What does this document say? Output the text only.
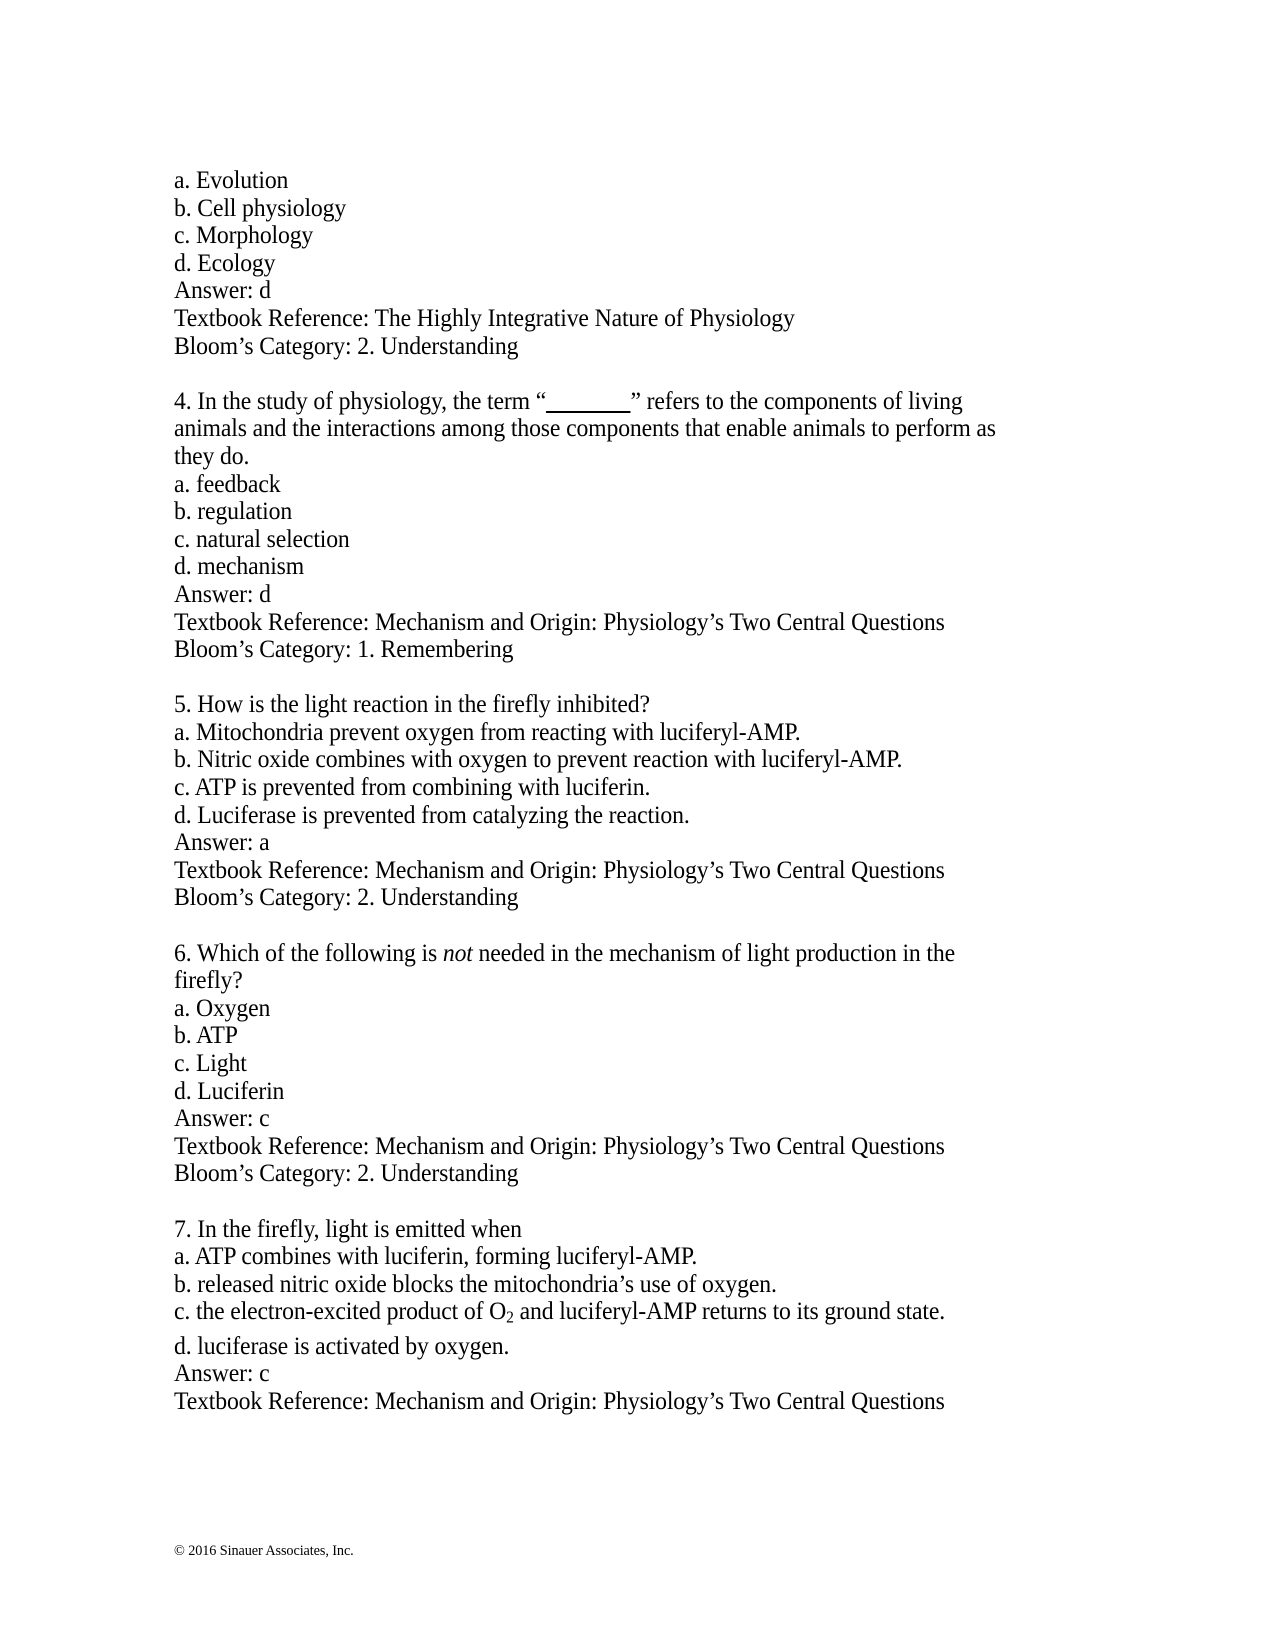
a. Evolution
b. Cell physiology
c. Morphology
d. Ecology
Answer: d
Textbook Reference: The Highly Integrative Nature of Physiology
Bloom’s Category: 2. Understanding
4. In the study of physiology, the term “_______” refers to the components of living animals and the interactions among those components that enable animals to perform as they do.
a. feedback
b. regulation
c. natural selection
d. mechanism
Answer: d
Textbook Reference: Mechanism and Origin: Physiology’s Two Central Questions
Bloom’s Category: 1. Remembering
5. How is the light reaction in the firefly inhibited?
a. Mitochondria prevent oxygen from reacting with luciferyl-AMP.
b. Nitric oxide combines with oxygen to prevent reaction with luciferyl-AMP.
c. ATP is prevented from combining with luciferin.
d. Luciferase is prevented from catalyzing the reaction.
Answer: a
Textbook Reference: Mechanism and Origin: Physiology’s Two Central Questions
Bloom’s Category: 2. Understanding
6. Which of the following is not needed in the mechanism of light production in the firefly?
a. Oxygen
b. ATP
c. Light
d. Luciferin
Answer: c
Textbook Reference: Mechanism and Origin: Physiology’s Two Central Questions
Bloom’s Category: 2. Understanding
7. In the firefly, light is emitted when
a. ATP combines with luciferin, forming luciferyl-AMP.
b. released nitric oxide blocks the mitochondria’s use of oxygen.
c. the electron-excited product of $O_2$ and luciferyl-AMP returns to its ground state.
d. luciferase is activated by oxygen.
Answer: c
Textbook Reference: Mechanism and Origin: Physiology’s Two Central Questions
© 2016 Sinauer Associates, Inc.
